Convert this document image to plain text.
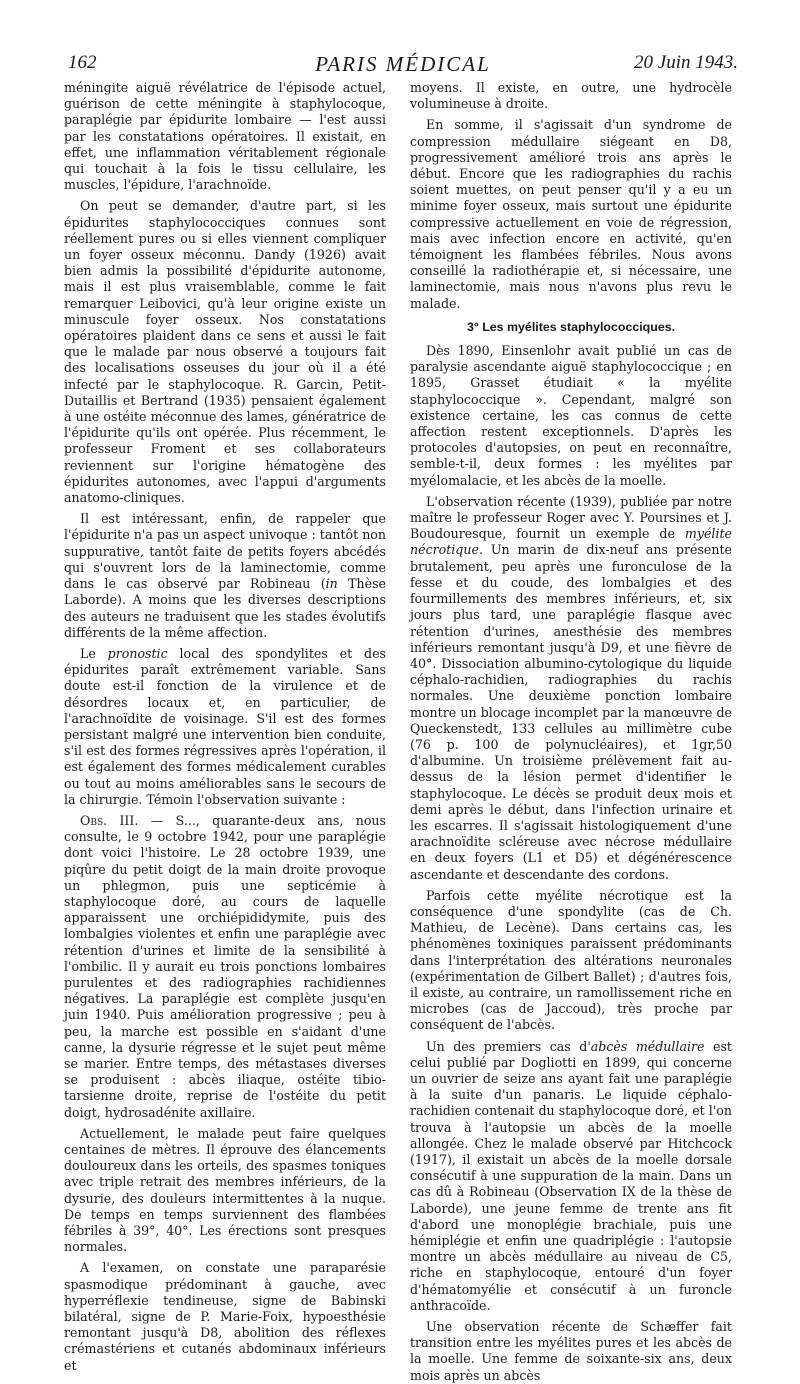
162	PARIS MÉDICAL	20 Juin 1943.

méningite aiguë révélatrice de l'épisode actuel, guérison de cette méningite à staphylocoque, paraplégie par épidurite lombaire — l'est aussi par les constatations opératoires. Il existait, en effet, une inflammation véritablement régionale qui touchait à la fois le tissu cellulaire, les muscles, l'épidure, l'arachnoïde.

On peut se demander, d'autre part, si les épidurites staphylococciques connues sont réellement pures ou si elles viennent compliquer un foyer osseux méconnu. Dandy (1926) avait bien admis la possibilité d'épidurite autonome, mais il est plus vraisemblable, comme le fait remarquer Leibovici, qu'à leur origine existe un minuscule foyer osseux. Nos constatations opératoires plaident dans ce sens et aussi le fait que le malade par nous observé a toujours fait des localisations osseuses du jour où il a été infecté par le staphylocoque. R. Garcin, Petit-Dutaillis et Bertrand (1935) pensaient également à une ostéite méconnue des lames, génératrice de l'épidurite qu'ils ont opérée. Plus récemment, le professeur Froment et ses collaborateurs reviennent sur l'origine hématogène des épidurites autonomes, avec l'appui d'arguments anatomo-cliniques.

Il est intéressant, enfin, de rappeler que l'épidurite n'a pas un aspect univoque : tantôt non suppurative, tantôt faite de petits foyers abcédés qui s'ouvrent lors de la laminectomie, comme dans le cas observé par Robineau (in Thèse Laborde). A moins que les diverses descriptions des auteurs ne traduisent que les stades évolutifs différents de la même affection.

Le pronostic local des spondylites et des épidurites paraît extrêmement variable. Sans doute est-il fonction de la virulence et de désordres locaux et, en particulier, de l'arachnoïdite de voisinage. S'il est des formes persistant malgré une intervention bien conduite, s'il est des formes régressives après l'opération, il est également des formes médicalement curables ou tout au moins améliorables sans le secours de la chirurgie. Témoin l'observation suivante :

Obs. III. — S..., quarante-deux ans, nous consulte, le 9 octobre 1942, pour une paraplégie dont voici l'histoire. Le 28 octobre 1939, une piqûre du petit doigt de la main droite provoque un phlegmon, puis une septicémie à staphylocoque doré, au cours de laquelle apparaissent une orchiépididymite, puis des lombalgies violentes et enfin une paraplégie avec rétention d'urines et limite de la sensibilité à l'ombilic. Il y aurait eu trois ponctions lombaires purulentes et des radiographies rachidiennes négatives. La paraplégie est complète jusqu'en juin 1940. Puis amélioration progressive ; peu à peu, la marche est possible en s'aidant d'une canne, la dysurie régresse et le sujet peut même se marier. Entre temps, des métastases diverses se produisent : abcès iliaque, ostéite tibio-tarsienne droite, reprise de l'ostéite du petit doigt, hydrosadénite axillaire.

Actuellement, le malade peut faire quelques centaines de mètres. Il éprouve des élancements douloureux dans les orteils, des spasmes toniques avec triple retrait des membres inférieurs, de la dysurie, des douleurs intermittentes à la nuque. De temps en temps surviennent des flambées fébriles à 39°, 40°. Les érections sont presques normales.

A l'examen, on constate une paraparésie spasmodique prédominant à gauche, avec hyperréflexie tendineuse, signe de Babinski bilatéral, signe de P. Marie-Foix, hypoesthésie remontant jusqu'à D8, abolition des réflexes crémastériens et cutanés abdominaux inférieurs et

moyens. Il existe, en outre, une hydrocèle volumineuse à droite.

En somme, il s'agissait d'un syndrome de compression médullaire siégeant en D8, progressivement amélioré trois ans après le début. Encore que les radiographies du rachis soient muettes, on peut penser qu'il y a eu un minime foyer osseux, mais surtout une épidurite compressive actuellement en voie de régression, mais avec infection encore en activité, qu'en témoignent les flambées fébriles. Nous avons conseillé la radiothérapie et, si nécessaire, une laminectomie, mais nous n'avons plus revu le malade.

3° Les myélites staphylococciques.

Dès 1890, Einsenlohr avait publié un cas de paralysie ascendante aiguë staphylococcique ; en 1895, Grasset étudiait « la myélite staphylococcique ». Cependant, malgré son existence certaine, les cas connus de cette affection restent exceptionnels. D'après les protocoles d'autopsies, on peut en reconnaître, semble-t-il, deux formes : les myélites par myélomalacie, et les abcès de la moelle.

L'observation récente (1939), publiée par notre maître le professeur Roger avec Y. Poursines et J. Boudouresque, fournit un exemple de myélite nécrotique. Un marin de dix-neuf ans présente brutalement, peu après une furonculose de la fesse et du coude, des lombalgies et des fourmillements des membres inférieurs, et, six jours plus tard, une paraplégie flasque avec rétention d'urines, anesthésie des membres inférieurs remontant jusqu'à D9, et une fièvre de 40°. Dissociation albumino-cytologique du liquide céphalo-rachidien, radiographies du rachis normales. Une deuxième ponction lombaire montre un blocage incomplet par la manœuvre de Queckenstedt, 133 cellules au millimètre cube (76 p. 100 de polynucléaires), et 1gr,50 d'albumine. Un troisième prélèvement fait au-dessus de la lésion permet d'identifier le staphylocoque. Le décès se produit deux mois et demi après le début, dans l'infection urinaire et les escarres. Il s'agissait histologiquement d'une arachnoïdite scléreuse avec nécrose médullaire en deux foyers (L1 et D5) et dégénérescence ascendante et descendante des cordons.

Parfois cette myélite nécrotique est la conséquence d'une spondylite (cas de Ch. Mathieu, de Lecène). Dans certains cas, les phénomènes toxiniques paraissent prédominants dans l'interprétation des altérations neuronales (expérimentation de Gilbert Ballet) ; d'autres fois, il existe, au contraire, un ramollissement riche en microbes (cas de Jaccoud), très proche par conséquent de l'abcès.

Un des premiers cas d'abcès médullaire est celui publié par Dogliotti en 1899, qui concerne un ouvrier de seize ans ayant fait une paraplégie à la suite d'un panaris. Le liquide céphalo-rachidien contenait du staphylocoque doré, et l'on trouva à l'autopsie un abcès de la moelle allongée. Chez le malade observé par Hitchcock (1917), il existait un abcès de la moelle dorsale consécutif à une suppuration de la main. Dans un cas dû à Robineau (Observation IX de la thèse de Laborde), une jeune femme de trente ans fit d'abord une monoplégie brachiale, puis une hémiplégie et enfin une quadriplégie : l'autopsie montre un abcès médullaire au niveau de C5, riche en staphylocoque, entouré d'un foyer d'hématomyélie et consécutif à un furoncle anthracoïde.

Une observation récente de Schæffer fait transition entre les myélites pures et les abcès de la moelle. Une femme de soixante-six ans, deux mois après un abcès
